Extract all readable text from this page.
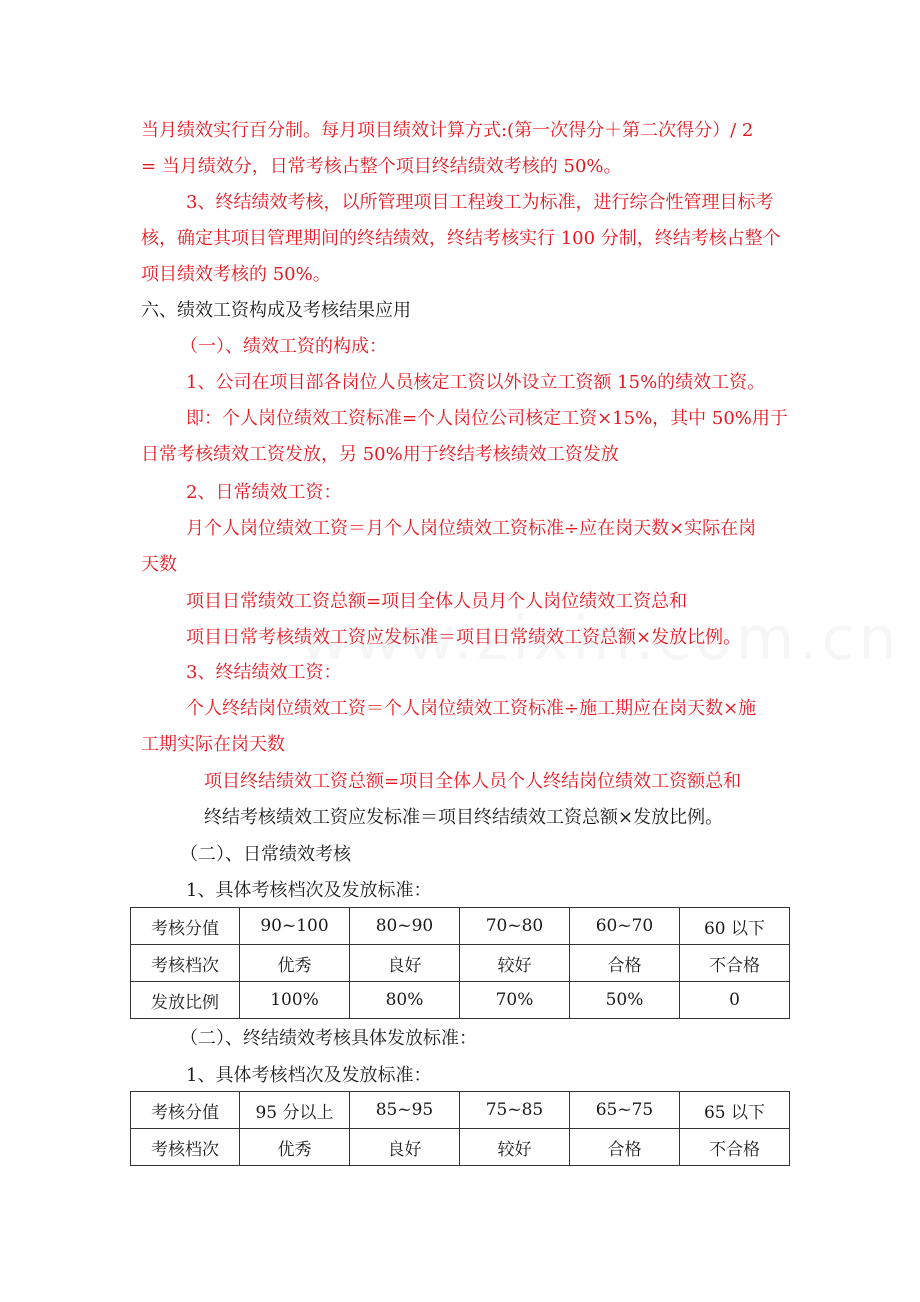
当月绩效实行百分制。每月项目绩效计算方式:(第一次得分＋第二次得分）/ 2
= 当月绩效分，日常考核占整个项目终结绩效考核的 50%。
3、终结绩效考核，以所管理项目工程竣工为标准，进行综合性管理目标考
核，确定其项目管理期间的终结绩效，终结考核实行 100 分制，终结考核占整个
项目绩效考核的 50%。
六、绩效工资构成及考核结果应用
（一）、绩效工资的构成：
1、公司在项目部各岗位人员核定工资以外设立工资额 15%的绩效工资。
即：个人岗位绩效工资标准=个人岗位公司核定工资×15%，其中 50%用于
日常考核绩效工资发放，另 50%用于终结考核绩效工资发放
2、日常绩效工资：
月个人岗位绩效工资＝月个人岗位绩效工资标准÷应在岗天数×实际在岗
天数
项目日常绩效工资总额=项目全体人员月个人岗位绩效工资总和
项目日常考核绩效工资应发标准＝项目日常绩效工资总额×发放比例。
3、终结绩效工资：
个人终结岗位绩效工资＝个人岗位绩效工资标准÷施工期应在岗天数×施
工期实际在岗天数
项目终结绩效工资总额=项目全体人员个人终结岗位绩效工资额总和
终结考核绩效工资应发标准＝项目终结绩效工资总额×发放比例。
（二）、日常绩效考核
1、具体考核档次及发放标准：
考核分值	90~100	80~90	70~80	60~70	60 以下
考核档次	优秀	良好	较好	合格	不合格
发放比例	100%	80%	70%	50%	0
（二）、终结绩效考核具体发放标准：
1、具体考核档次及发放标准：
考核分值	95 分以上	85~95	75~85	65~75	65 以下
考核档次	优秀	良好	较好	合格	不合格
